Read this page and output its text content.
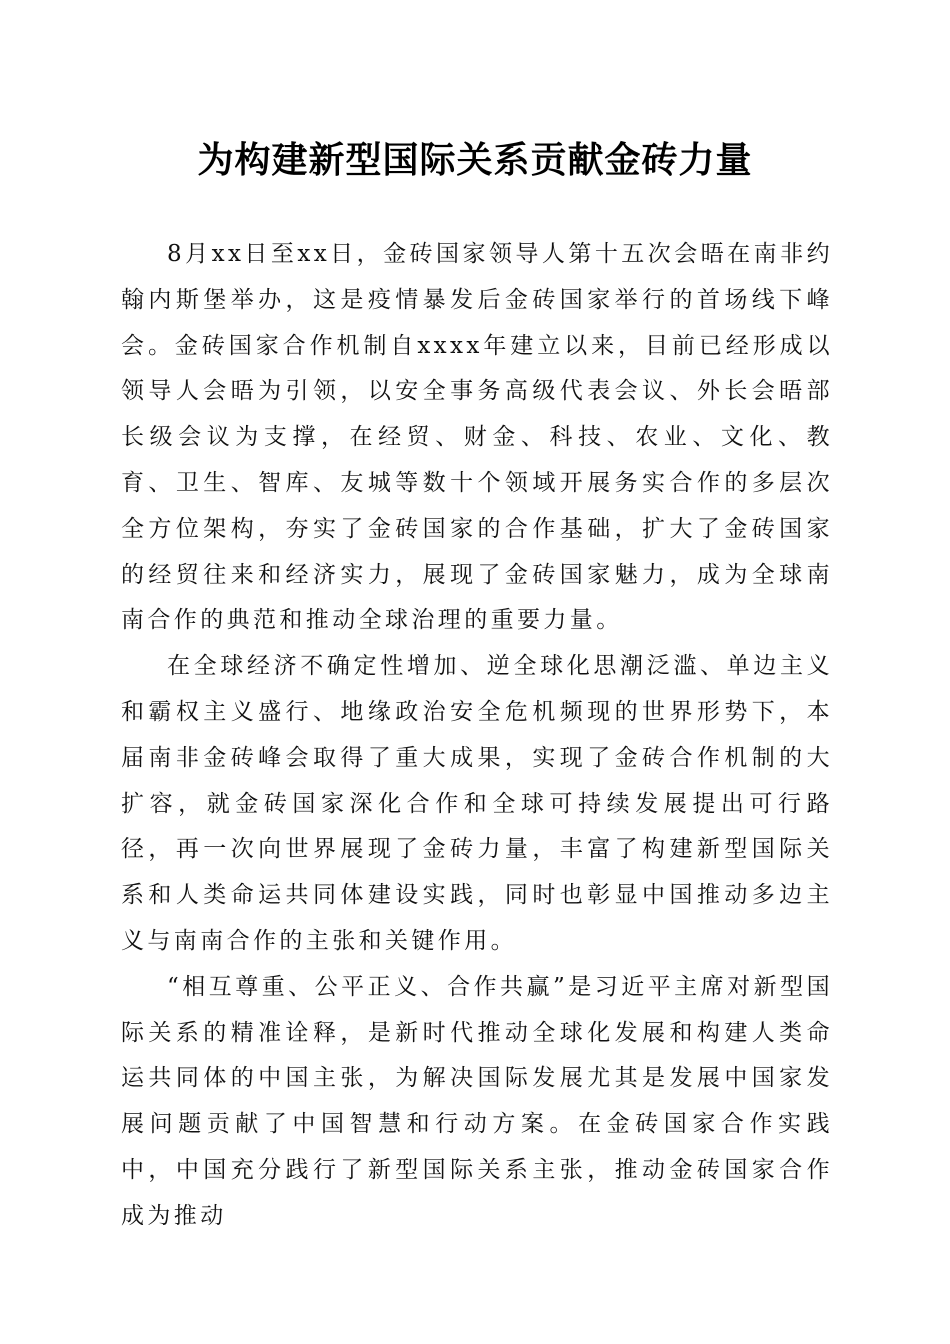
为构建新型国际关系贡献金砖力量

8月xx日至xx日，金砖国家领导人第十五次会晤在南非约翰内斯堡举办，这是疫情暴发后金砖国家举行的首场线下峰会。金砖国家合作机制自xxxx年建立以来，目前已经形成以领导人会晤为引领，以安全事务高级代表会议、外长会晤部长级会议为支撑，在经贸、财金、科技、农业、文化、教育、卫生、智库、友城等数十个领域开展务实合作的多层次全方位架构，夯实了金砖国家的合作基础，扩大了金砖国家的经贸往来和经济实力，展现了金砖国家魅力，成为全球南南合作的典范和推动全球治理的重要力量。

在全球经济不确定性增加、逆全球化思潮泛滥、单边主义和霸权主义盛行、地缘政治安全危机频现的世界形势下，本届南非金砖峰会取得了重大成果，实现了金砖合作机制的大扩容，就金砖国家深化合作和全球可持续发展提出可行路径，再一次向世界展现了金砖力量，丰富了构建新型国际关系和人类命运共同体建设实践，同时也彰显中国推动多边主义与南南合作的主张和关键作用。

“相互尊重、公平正义、合作共赢”是习近平主席对新型国际关系的精准诠释，是新时代推动全球化发展和构建人类命运共同体的中国主张，为解决国际发展尤其是发展中国家发展问题贡献了中国智慧和行动方案。在金砖国家合作实践中，中国充分践行了新型国际关系主张，推动金砖国家合作成为推动
